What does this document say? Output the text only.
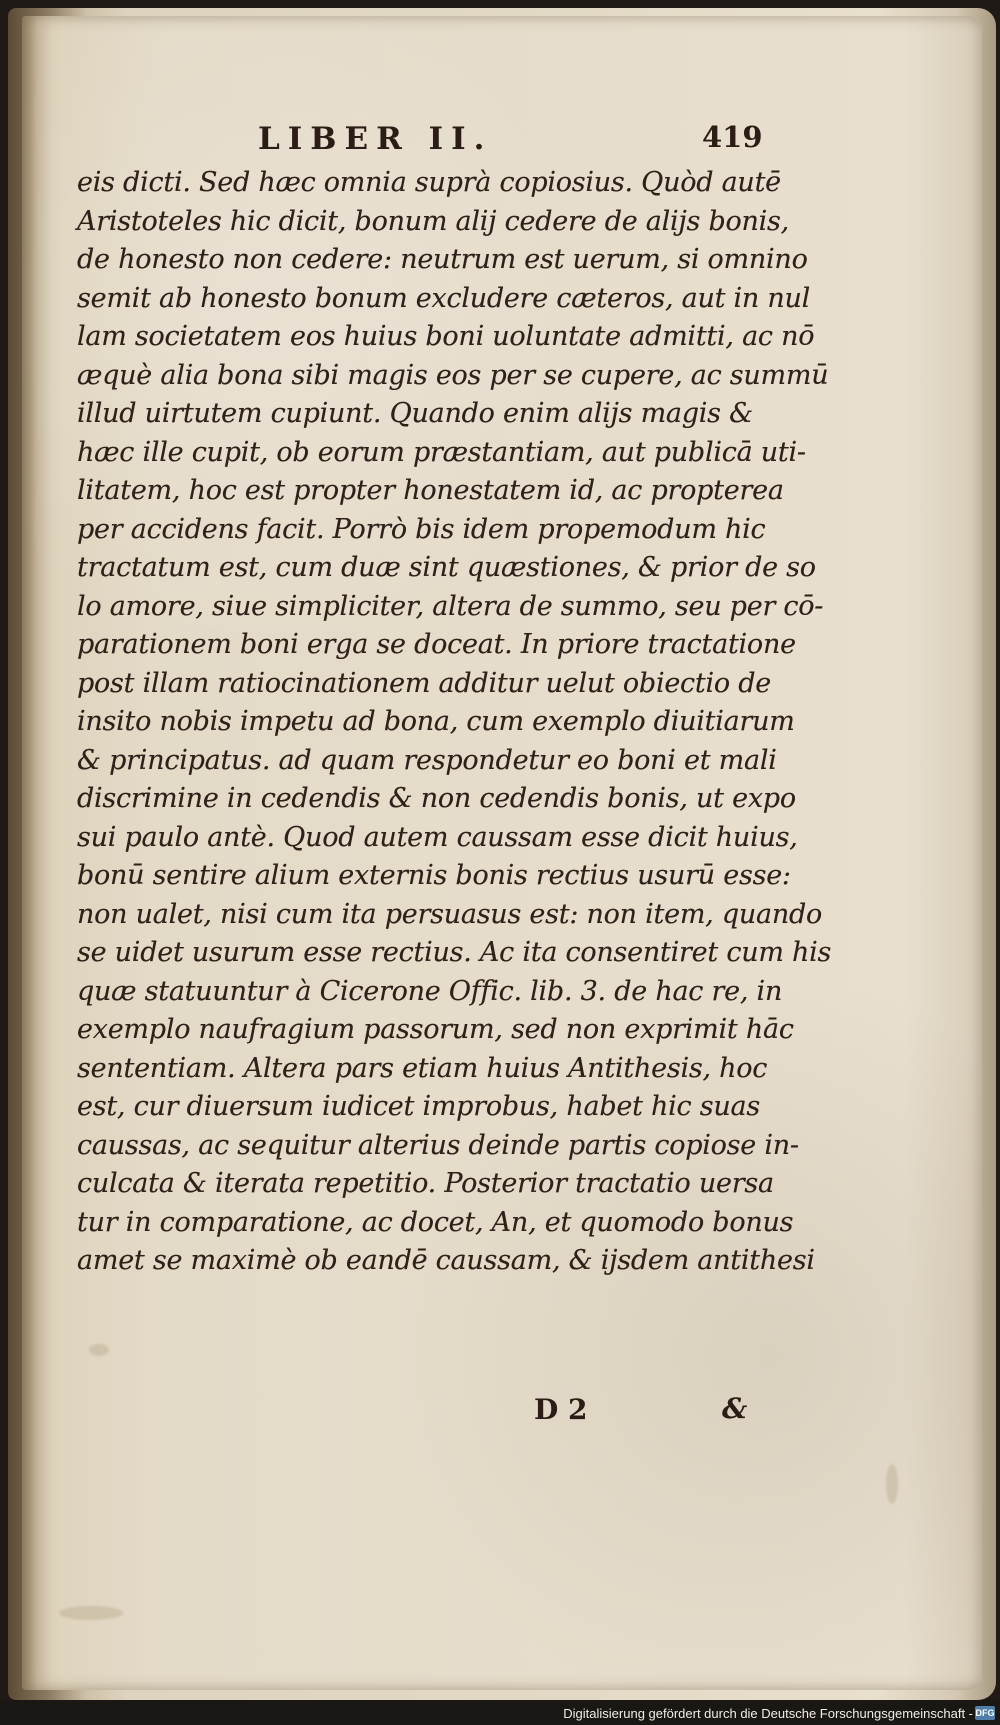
LIBER II.	419
eis dicti. Sed hæc omnia suprà copiosius. Quòd autē
Aristoteles hic dicit, bonum alij cedere de alijs bonis,
de honesto non cedere: neutrum est uerum, si omnino
semit ab honesto bonum excludere cæteros, aut in nul
lam societatem eos huius boni uoluntate admitti, ac nō
æquè alia bona sibi magis eos per se cupere, ac summū
illud uirtutem cupiunt. Quando enim alijs magis &
hæc ille cupit, ob eorum præstantiam, aut publicā uti-
litatem, hoc est propter honestatem id, ac propterea
per accidens facit. Porrò bis idem propemodum hic
tractatum est, cum duæ sint quæstiones, & prior de so
lo amore, siue simpliciter, altera de summo, seu per cō-
parationem boni erga se doceat. In priore tractatione
post illam ratiocinationem additur uelut obiectio de
insito nobis impetu ad bona, cum exemplo diuitiarum
& principatus. ad quam respondetur eo boni et mali
discrimine in cedendis & non cedendis bonis, ut expo
sui paulo antè. Quod autem caussam esse dicit huius,
bonū sentire alium externis bonis rectius usurū esse:
non ualet, nisi cum ita persuasus est: non item, quando
se uidet usurum esse rectius. Ac ita consentiret cum his
quæ statuuntur à Cicerone Offic. lib. 3. de hac re, in
exemplo naufragium passorum, sed non exprimit hāc
sententiam. Altera pars etiam huius Antithesis, hoc
est, cur diuersum iudicet improbus, habet hic suas
caussas, ac sequitur alterius deinde partis copiose in-
culcata & iterata repetitio. Posterior tractatio uersa
tur in comparatione, ac docet, An, et quomodo bonus
amet se maximè ob eandē caussam, & ijsdem antithesi
D 2	&
Digitalisierung gefördert durch die Deutsche Forschungsgemeinschaft - DFG
